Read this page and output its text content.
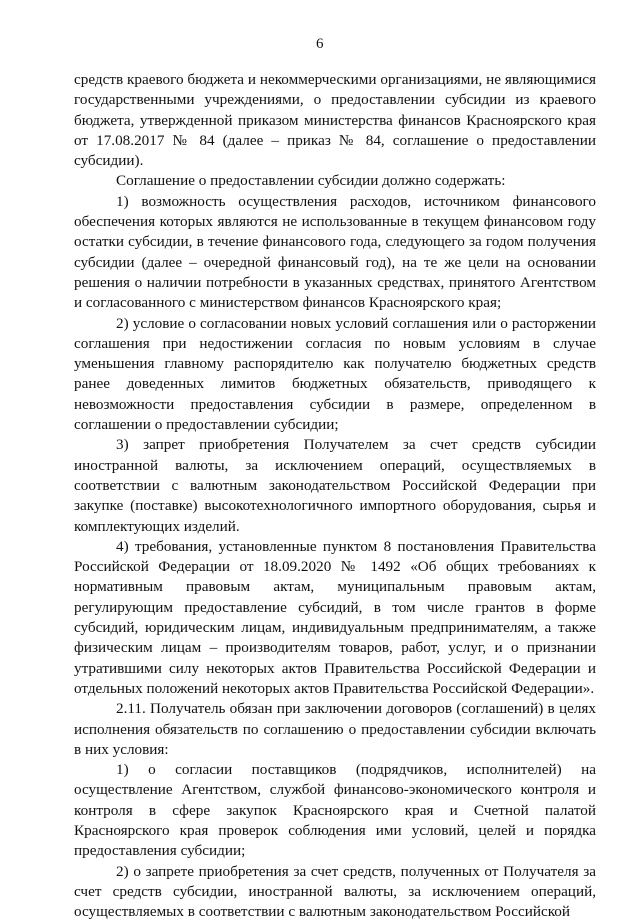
6

средств краевого бюджета и некоммерческими организациями, не являющимися государственными учреждениями, о предоставлении субсидии из краевого бюджета, утвержденной приказом министерства финансов Красноярского края от 17.08.2017 № 84 (далее – приказ № 84, соглашение о предоставлении субсидии).

Соглашение о предоставлении субсидии должно содержать:

1) возможность осуществления расходов, источником финансового обеспечения которых являются не использованные в текущем финансовом году остатки субсидии, в течение финансового года, следующего за годом получения субсидии (далее – очередной финансовый год), на те же цели на основании решения о наличии потребности в указанных средствах, принятого Агентством и согласованного с министерством финансов Красноярского края;

2) условие о согласовании новых условий соглашения или о расторжении соглашения при недостижении согласия по новым условиям в случае уменьшения главному распорядителю как получателю бюджетных средств ранее доведенных лимитов бюджетных обязательств, приводящего к невозможности предоставления субсидии в размере, определенном в соглашении о предоставлении субсидии;

3) запрет приобретения Получателем за счет средств субсидии иностранной валюты, за исключением операций, осуществляемых в соответствии с валютным законодательством Российской Федерации при закупке (поставке) высокотехнологичного импортного оборудования, сырья и комплектующих изделий.

4) требования, установленные пунктом 8 постановления Правительства Российской Федерации от 18.09.2020 № 1492 «Об общих требованиях к нормативным правовым актам, муниципальным правовым актам, регулирующим предоставление субсидий, в том числе грантов в форме субсидий, юридическим лицам, индивидуальным предпринимателям, а также физическим лицам – производителям товаров, работ, услуг, и о признании утратившими силу некоторых актов Правительства Российской Федерации и отдельных положений некоторых актов Правительства Российской Федерации».

2.11. Получатель обязан при заключении договоров (соглашений) в целях исполнения обязательств по соглашению о предоставлении субсидии включать в них условия:

1) о согласии поставщиков (подрядчиков, исполнителей) на осуществление Агентством, службой финансово-экономического контроля и контроля в сфере закупок Красноярского края и Счетной палатой Красноярского края проверок соблюдения ими условий, целей и порядка предоставления субсидии;

2) о запрете приобретения за счет средств, полученных от Получателя за счет средств субсидии, иностранной валюты, за исключением операций, осуществляемых в соответствии с валютным законодательством Российской
